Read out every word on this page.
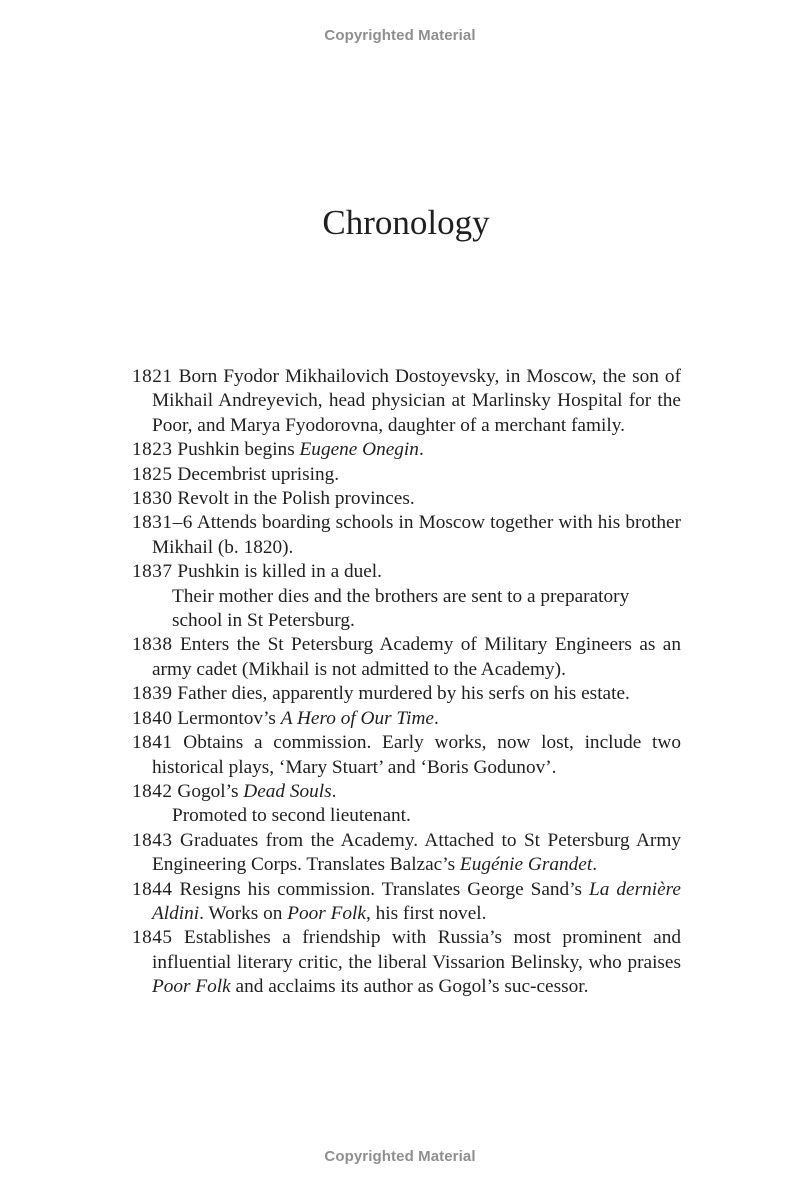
Copyrighted Material
Chronology

1821 Born Fyodor Mikhailovich Dostoyevsky, in Moscow, the son of Mikhail Andreyevich, head physician at Marlinsky Hospital for the Poor, and Marya Fyodorovna, daughter of a merchant family.

1823 Pushkin begins Eugene Onegin.

1825 Decembrist uprising.

1830 Revolt in the Polish provinces.

1831–6 Attends boarding schools in Moscow together with his brother Mikhail (b. 1820).

1837 Pushkin is killed in a duel.

Their mother dies and the brothers are sent to a preparatory school in St Petersburg.

1838 Enters the St Petersburg Academy of Military Engineers as an army cadet (Mikhail is not admitted to the Academy).

1839 Father dies, apparently murdered by his serfs on his estate.

1840 Lermontov’s A Hero of Our Time.

1841 Obtains a commission. Early works, now lost, include two historical plays, ‘Mary Stuart’ and ‘Boris Godunov’.

1842 Gogol’s Dead Souls.

Promoted to second lieutenant.

1843 Graduates from the Academy. Attached to St Petersburg Army Engineering Corps. Translates Balzac’s Eugénie Grandet.

1844 Resigns his commission. Translates George Sand’s La dernière Aldini. Works on Poor Folk, his first novel.

1845 Establishes a friendship with Russia’s most prominent and influential literary critic, the liberal Vissarion Belinsky, who praises Poor Folk and acclaims its author as Gogol’s suc-cessor.

Copyrighted Material
